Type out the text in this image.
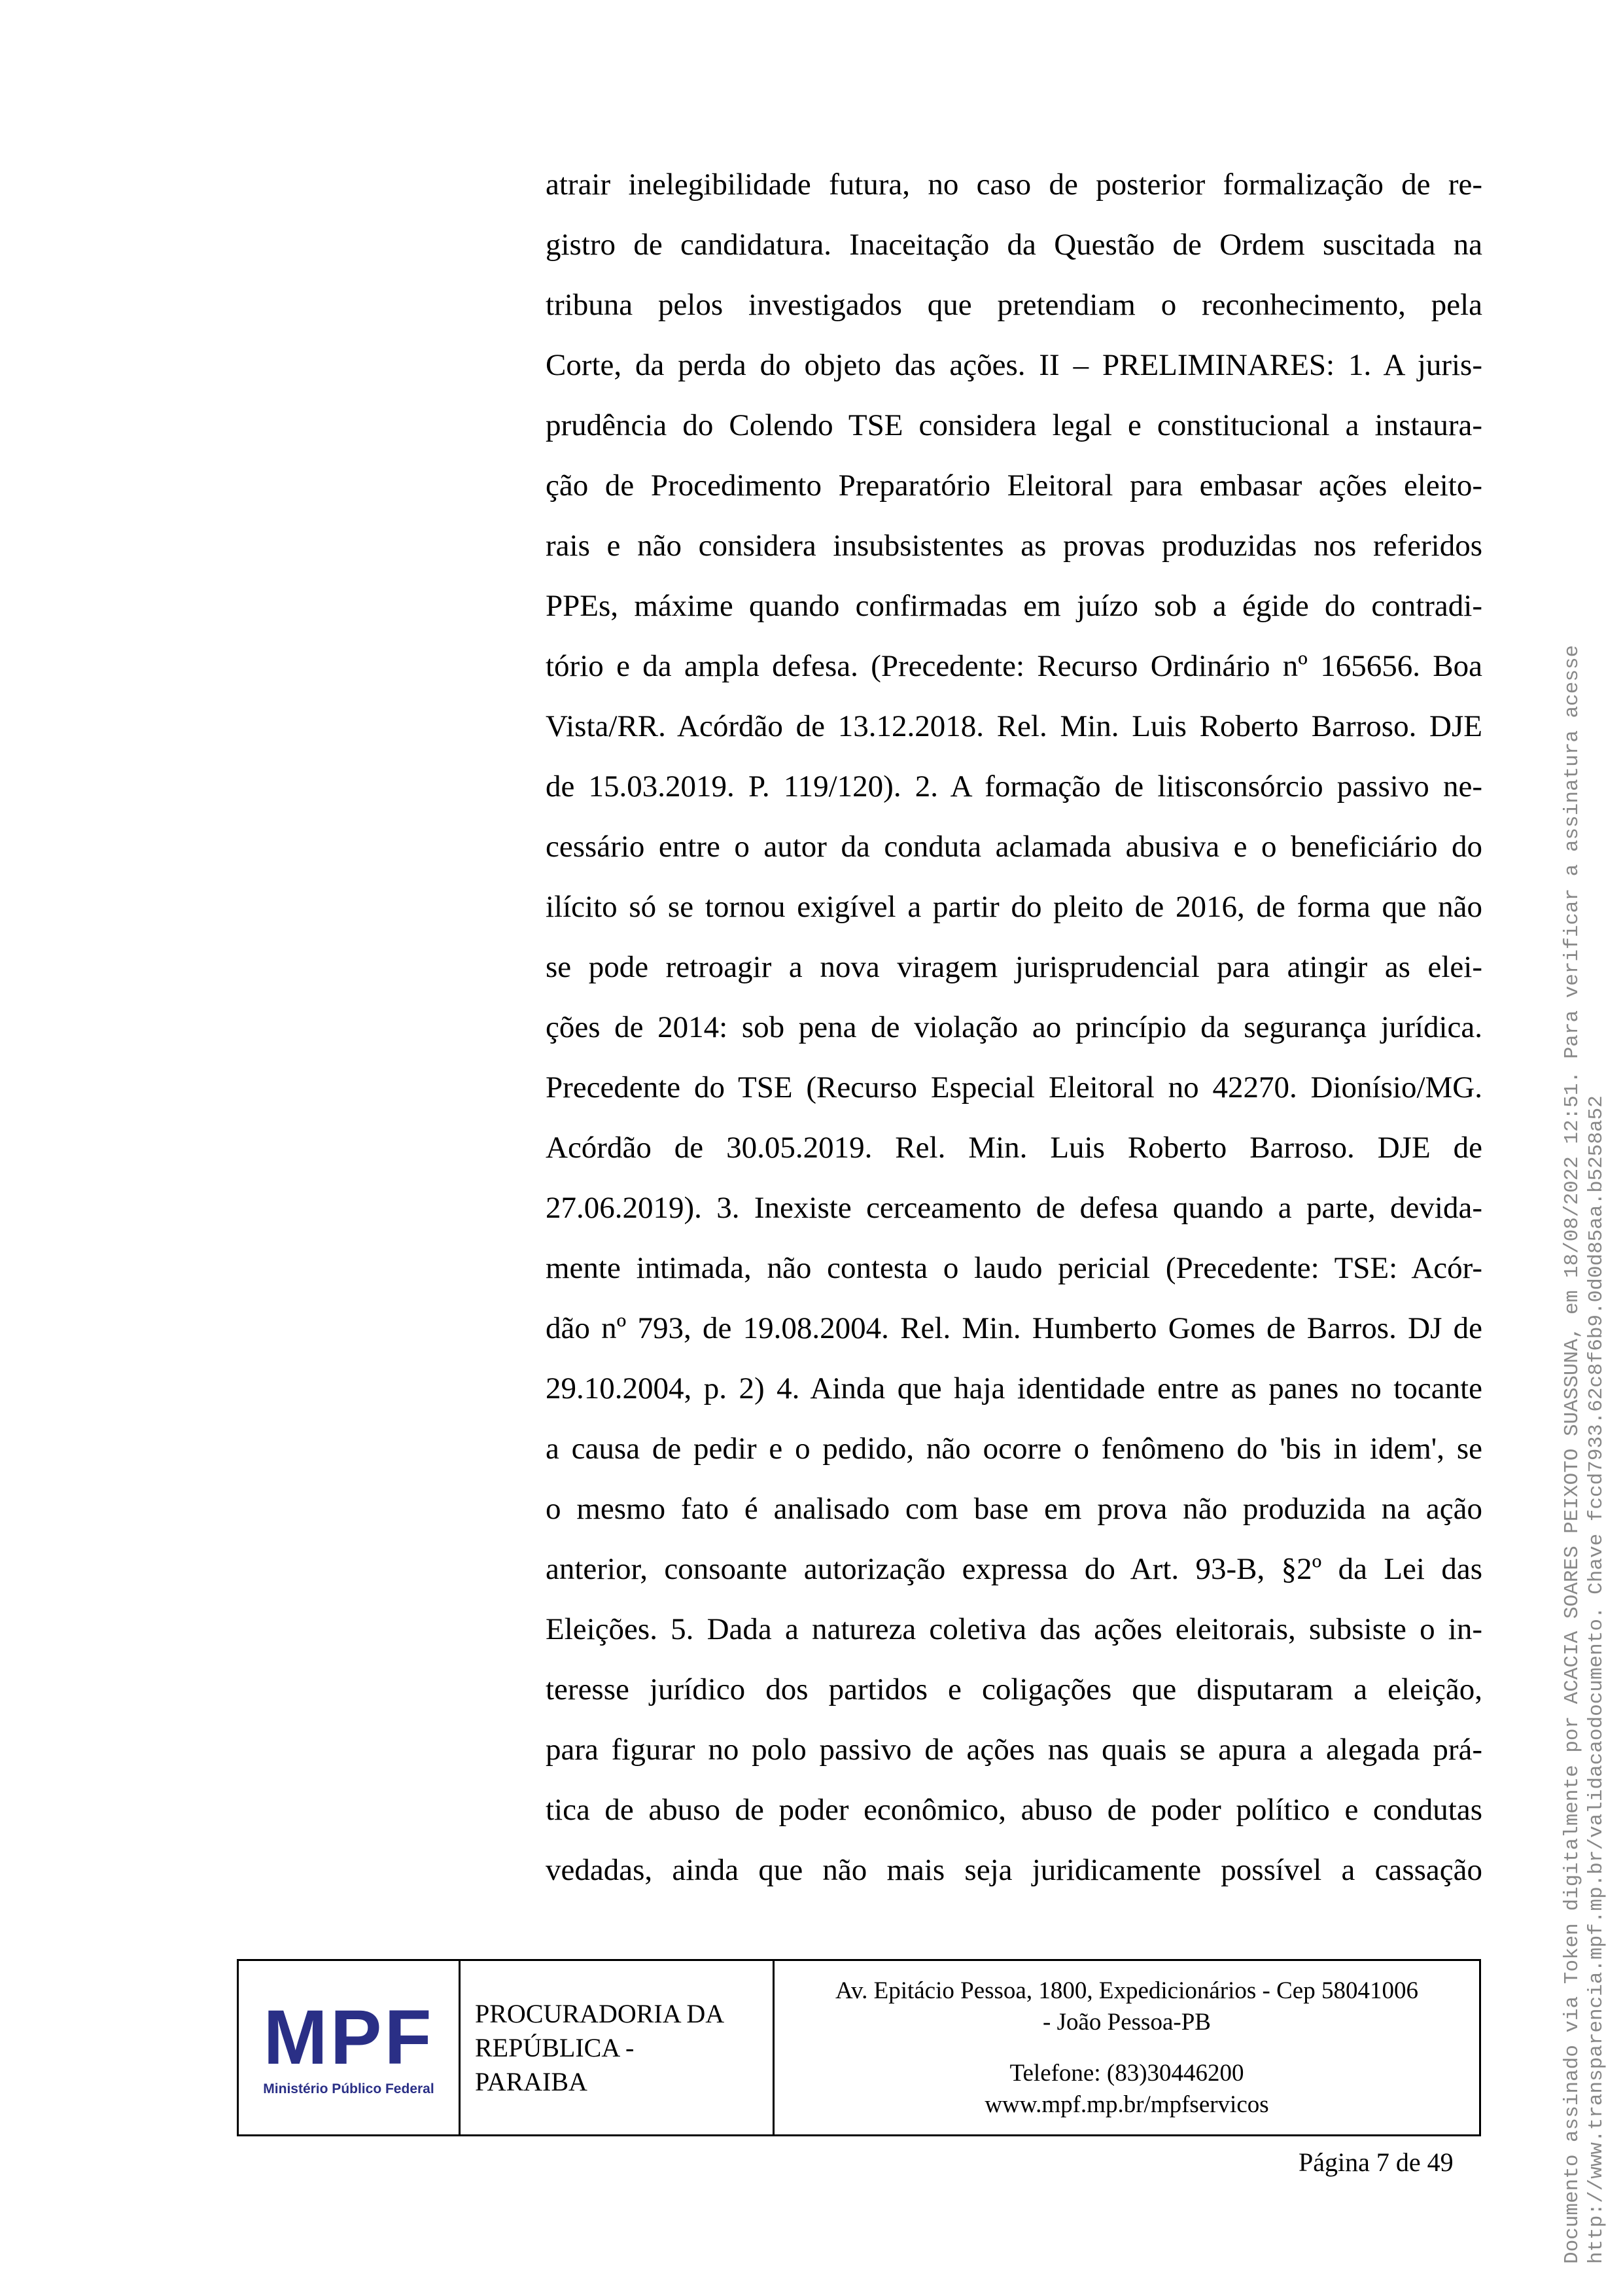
atrair inelegibilidade futura, no caso de posterior formalização de re-
gistro de candidatura. Inaceitação da Questão de Ordem suscitada na
tribuna pelos investigados que pretendiam o reconhecimento, pela
Corte, da perda do objeto das ações. II – PRELIMINARES: 1. A juris-
prudência do Colendo TSE considera legal e constitucional a instaura-
ção de Procedimento Preparatório Eleitoral para embasar ações eleito-
rais e não considera insubsistentes as provas produzidas nos referidos
PPEs, máxime quando confirmadas em juízo sob a égide do contradi-
tório e da ampla defesa. (Precedente: Recurso Ordinário nº 165656. Boa
Vista/RR. Acórdão de 13.12.2018. Rel. Min. Luis Roberto Barroso. DJE
de 15.03.2019. P. 119/120). 2. A formação de litisconsórcio passivo ne-
cessário entre o autor da conduta aclamada abusiva e o beneficiário do
ilícito só se tornou exigível a partir do pleito de 2016, de forma que não
se pode retroagir a nova viragem jurisprudencial para atingir as elei-
ções de 2014: sob pena de violação ao princípio da segurança jurídica.
Precedente do TSE (Recurso Especial Eleitoral no 42270. Dionísio/MG.
Acórdão de 30.05.2019. Rel. Min. Luis Roberto Barroso. DJE de
27.06.2019). 3. Inexiste cerceamento de defesa quando a parte, devida-
mente intimada, não contesta o laudo pericial (Precedente: TSE: Acór-
dão nº 793, de 19.08.2004. Rel. Min. Humberto Gomes de Barros. DJ de
29.10.2004, p. 2) 4. Ainda que haja identidade entre as panes no tocante
a causa de pedir e o pedido, não ocorre o fenômeno do 'bis in idem', se
o mesmo fato é analisado com base em prova não produzida na ação
anterior, consoante autorização expressa do Art. 93-B, §2º da Lei das
Eleições. 5. Dada a natureza coletiva das ações eleitorais, subsiste o in-
teresse jurídico dos partidos e coligações que disputaram a eleição,
para figurar no polo passivo de ações nas quais se apura a alegada prá-
tica de abuso de poder econômico, abuso de poder político e condutas
vedadas, ainda que não mais seja juridicamente possível a cassação
MPF
Ministério Público Federal
PROCURADORIA DA
REPÚBLICA -
PARAIBA
Av. Epitácio Pessoa, 1800, Expedicionários - Cep 58041006
- João Pessoa-PB
Telefone: (83)30446200
www.mpf.mp.br/mpfservicos
Página 7 de 49	Documento assinado via Token digitalmente por ACACIA SOARES PEIXOTO SUASSUNA, em 18/08/2022 12:51. Para verificar a assinatura acesse http://www.transparencia.mpf.mp.br/validacaodocumento. Chave fccd7933.62c8f6b9.0d0d85aa.b5258a52
